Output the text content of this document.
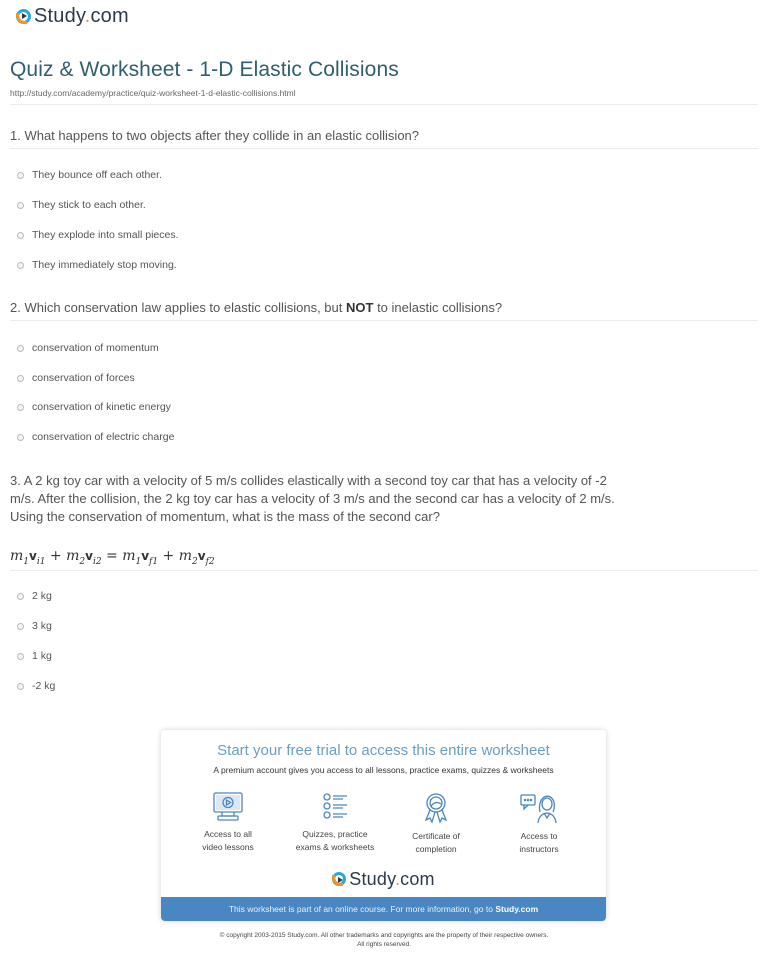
Study.com
Quiz & Worksheet - 1-D Elastic Collisions
http://study.com/academy/practice/quiz-worksheet-1-d-elastic-collisions.html
1. What happens to two objects after they collide in an elastic collision?
They bounce off each other.
They stick to each other.
They explode into small pieces.
They immediately stop moving.
2. Which conservation law applies to elastic collisions, but NOT to inelastic collisions?
conservation of momentum
conservation of forces
conservation of kinetic energy
conservation of electric charge
3. A 2 kg toy car with a velocity of 5 m/s collides elastically with a second toy car that has a velocity of -2 m/s. After the collision, the 2 kg toy car has a velocity of 3 m/s and the second car has a velocity of 2 m/s. Using the conservation of momentum, what is the mass of the second car?
$m_1v_{i1} + m_2v_{i2} = m_1v_{f1} + m_2v_{f2}$
2 kg
3 kg
1 kg
-2 kg
Start your free trial to access this entire worksheet
A premium account gives you access to all lessons, practice exams, quizzes & worksheets
Access to all
video lessons
Quizzes, practice
exams & worksheets
Certificate of
completion
Access to
instructors
Study.com
This worksheet is part of an online course. For more information, go to Study.com
© copyright 2003-2015 Study.com. All other trademarks and copyrights are the property of their respective owners.
All rights reserved.
